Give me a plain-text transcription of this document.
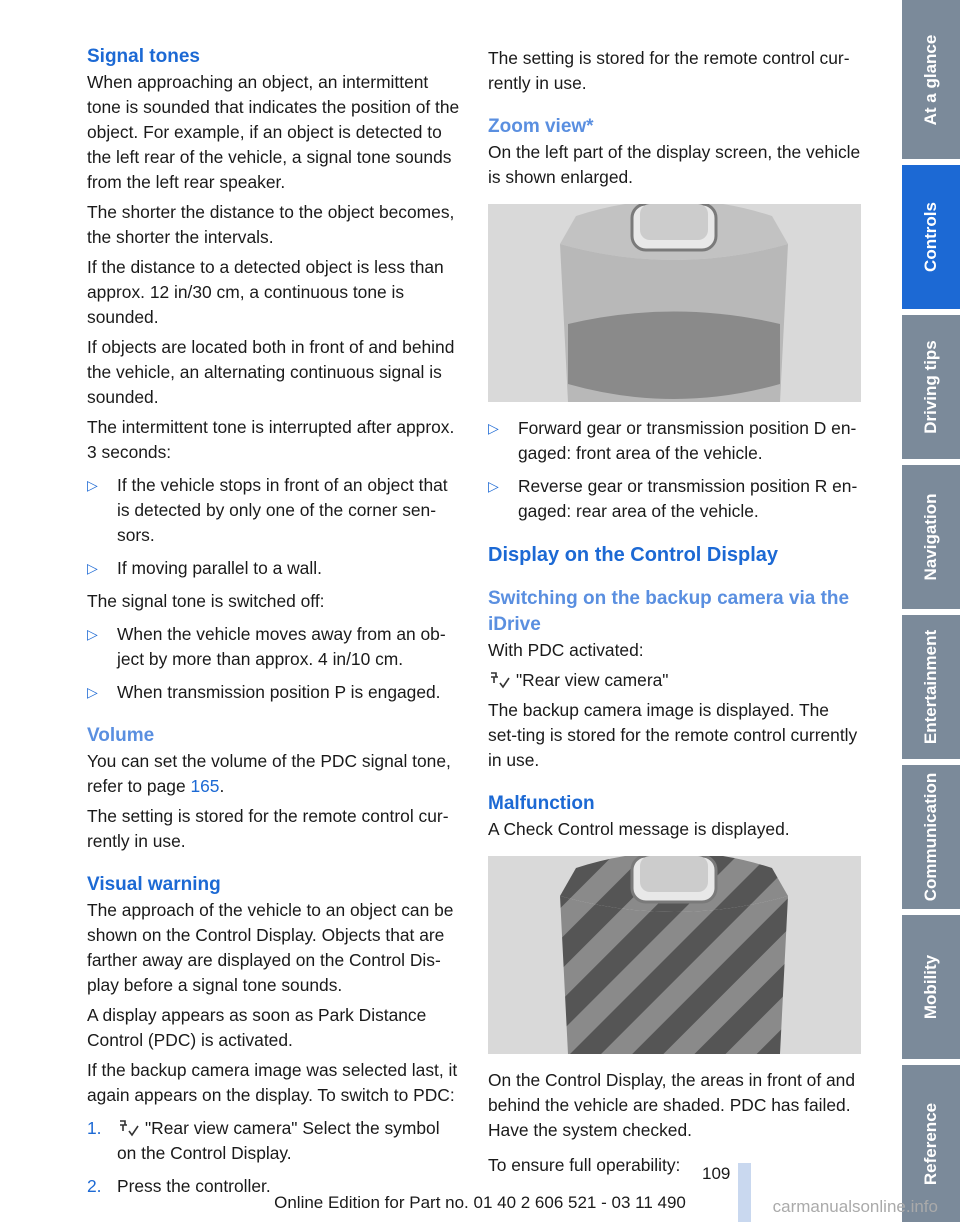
Signal tones

When approaching an object, an intermittent tone is sounded that indicates the position of the object. For example, if an object is detected to the left rear of the vehicle, a signal tone sounds from the left rear speaker.

The shorter the distance to the object becomes, the shorter the intervals.

If the distance to a detected object is less than approx. 12 in/30 cm, a continuous tone is sounded.

If objects are located both in front of and behind the vehicle, an alternating continuous signal is sounded.

The intermittent tone is interrupted after approx. 3 seconds:

▷ If the vehicle stops in front of an object that is detected by only one of the corner sen‐sors.
▷ If moving parallel to a wall.

The signal tone is switched off:

▷ When the vehicle moves away from an ob‐ject by more than approx. 4 in/10 cm.
▷ When transmission position P is engaged.
Volume

You can set the volume of the PDC signal tone, refer to page 165.

The setting is stored for the remote control cur‐rently in use.

Visual warning

The approach of the vehicle to an object can be shown on the Control Display. Objects that are farther away are displayed on the Control Dis‐play before a signal tone sounds.

A display appears as soon as Park Distance Control (PDC) is activated.

If the backup camera image was selected last, it again appears on the display. To switch to PDC:

1. "Rear view camera" Select the symbol on the Control Display.
2. Press the controller.

The setting is stored for the remote control cur‐rently in use.

Zoom view*

On the left part of the display screen, the vehicle is shown enlarged.

▷ Forward gear or transmission position D en‐gaged: front area of the vehicle.
▷ Reverse gear or transmission position R en‐gaged: rear area of the vehicle.
Display on the Control Display
Switching on the backup camera via the iDrive

With PDC activated:

"Rear view camera"

The backup camera image is displayed. The set‐ting is stored for the remote control currently in use.

Malfunction

A Check Control message is displayed.

On the Control Display, the areas in front of and behind the vehicle are shaded. PDC has failed. Have the system checked.

To ensure full operability:

At a glance
Controls
Driving tips
Navigation
Entertainment
Communication
Mobility
Reference
109
Online Edition for Part no. 01 40 2 606 521 - 03 11 490	carmanualsonline.info
